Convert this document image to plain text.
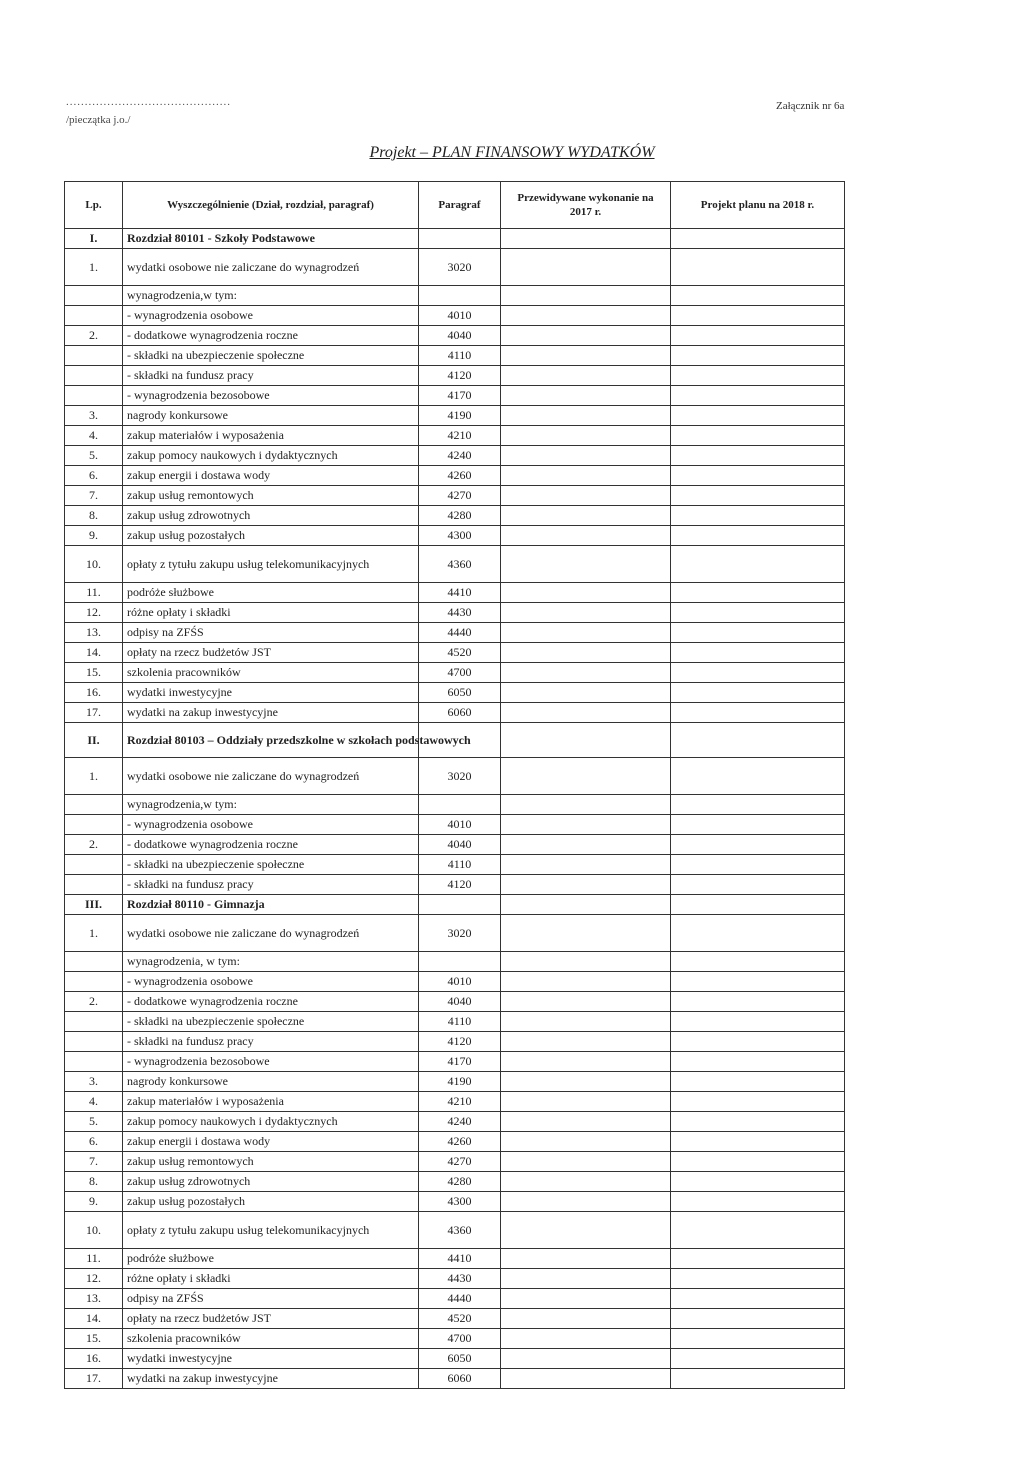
............................................
/pieczątka j.o./
Załącznik nr 6a
Projekt – PLAN FINANSOWY WYDATKÓW
Lp.	Wyszczególnienie (Dział, rozdział, paragraf)	Paragraf	Przewidywane wykonanie na 2017 r.	Projekt planu na 2018 r.
I.	Rozdział 80101 - Szkoły Podstawowe			
1.	wydatki osobowe nie zaliczane do wynagrodzeń	3020		
	wynagrodzenia,w tym:			
	- wynagrodzenia osobowe	4010		
2.	- dodatkowe wynagrodzenia roczne	4040		
	- składki na ubezpieczenie społeczne	4110		
	- składki na fundusz pracy	4120		
	- wynagrodzenia bezosobowe	4170		
3.	nagrody konkursowe	4190		
4.	zakup materiałów i wyposażenia	4210		
5.	zakup pomocy naukowych i dydaktycznych	4240		
6.	zakup energii i dostawa wody	4260		
7.	zakup usług remontowych	4270		
8.	zakup usług zdrowotnych	4280		
9.	zakup usług pozostałych	4300		
10.	opłaty z tytułu zakupu usług telekomunikacyjnych	4360		
11.	podróże służbowe	4410		
12.	różne opłaty i składki	4430		
13.	odpisy na ZFŚS	4440		
14.	opłaty na rzecz budżetów JST	4520		
15.	szkolenia pracowników	4700		
16.	wydatki inwestycyjne	6050		
17.	wydatki na zakup inwestycyjne	6060		
II.	Rozdział 80103 – Oddziały przedszkolne w szkołach podstawowych			
1.	wydatki osobowe nie zaliczane do wynagrodzeń	3020		
	wynagrodzenia,w tym:			
	- wynagrodzenia osobowe	4010		
2.	- dodatkowe wynagrodzenia roczne	4040		
	- składki na ubezpieczenie społeczne	4110		
	- składki na fundusz pracy	4120		
III.	Rozdział 80110 - Gimnazja			
1.	wydatki osobowe nie zaliczane do wynagrodzeń	3020		
	wynagrodzenia, w tym:			
	- wynagrodzenia osobowe	4010		
2.	- dodatkowe wynagrodzenia roczne	4040		
	- składki na ubezpieczenie społeczne	4110		
	- składki na fundusz pracy	4120		
	- wynagrodzenia bezosobowe	4170		
3.	nagrody konkursowe	4190		
4.	zakup materiałów i wyposażenia	4210		
5.	zakup pomocy naukowych i dydaktycznych	4240		
6.	zakup energii i dostawa wody	4260		
7.	zakup usług remontowych	4270		
8.	zakup usług zdrowotnych	4280		
9.	zakup usług pozostałych	4300		
10.	opłaty z tytułu zakupu usług telekomunikacyjnych	4360		
11.	podróże służbowe	4410		
12.	różne opłaty i składki	4430		
13.	odpisy na ZFŚS	4440		
14.	opłaty na rzecz budżetów JST	4520		
15.	szkolenia pracowników	4700		
16.	wydatki inwestycyjne	6050		
17.	wydatki na zakup inwestycyjne	6060		
